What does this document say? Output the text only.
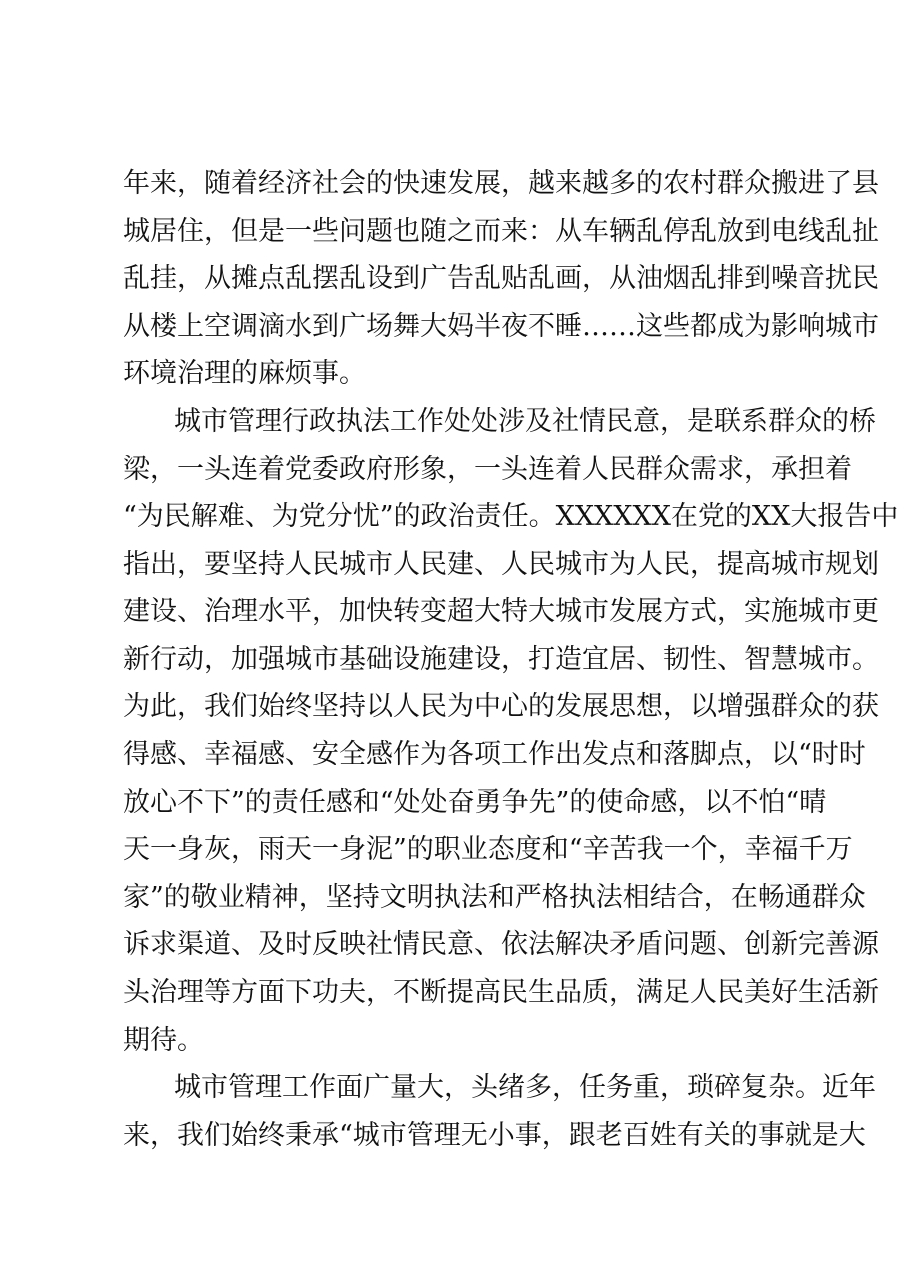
年来，随着经济社会的快速发展，越来越多的农村群众搬进了县
城居住，但是一些问题也随之而来：从车辆乱停乱放到电线乱扯
乱挂，从摊点乱摆乱设到广告乱贴乱画，从油烟乱排到噪音扰民
从楼上空调滴水到广场舞大妈半夜不睡……这些都成为影响城市
环境治理的麻烦事。
城市管理行政执法工作处处涉及社情民意，是联系群众的桥
梁，一头连着党委政府形象，一头连着人民群众需求，承担着
“为民解难、为党分忧”的政治责任。XXXXXX在党的XX大报告中
指出，要坚持人民城市人民建、人民城市为人民，提高城市规划
建设、治理水平，加快转变超大特大城市发展方式，实施城市更
新行动，加强城市基础设施建设，打造宜居、韧性、智慧城市。
为此，我们始终坚持以人民为中心的发展思想，以增强群众的获
得感、幸福感、安全感作为各项工作出发点和落脚点，以“时时
放心不下”的责任感和“处处奋勇争先”的使命感，以不怕“晴
天一身灰，雨天一身泥”的职业态度和“辛苦我一个，幸福千万
家”的敬业精神，坚持文明执法和严格执法相结合，在畅通群众
诉求渠道、及时反映社情民意、依法解决矛盾问题、创新完善源
头治理等方面下功夫，不断提高民生品质，满足人民美好生活新
期待。
城市管理工作面广量大，头绪多，任务重，琐碎复杂。近年
来，我们始终秉承“城市管理无小事，跟老百姓有关的事就是大
